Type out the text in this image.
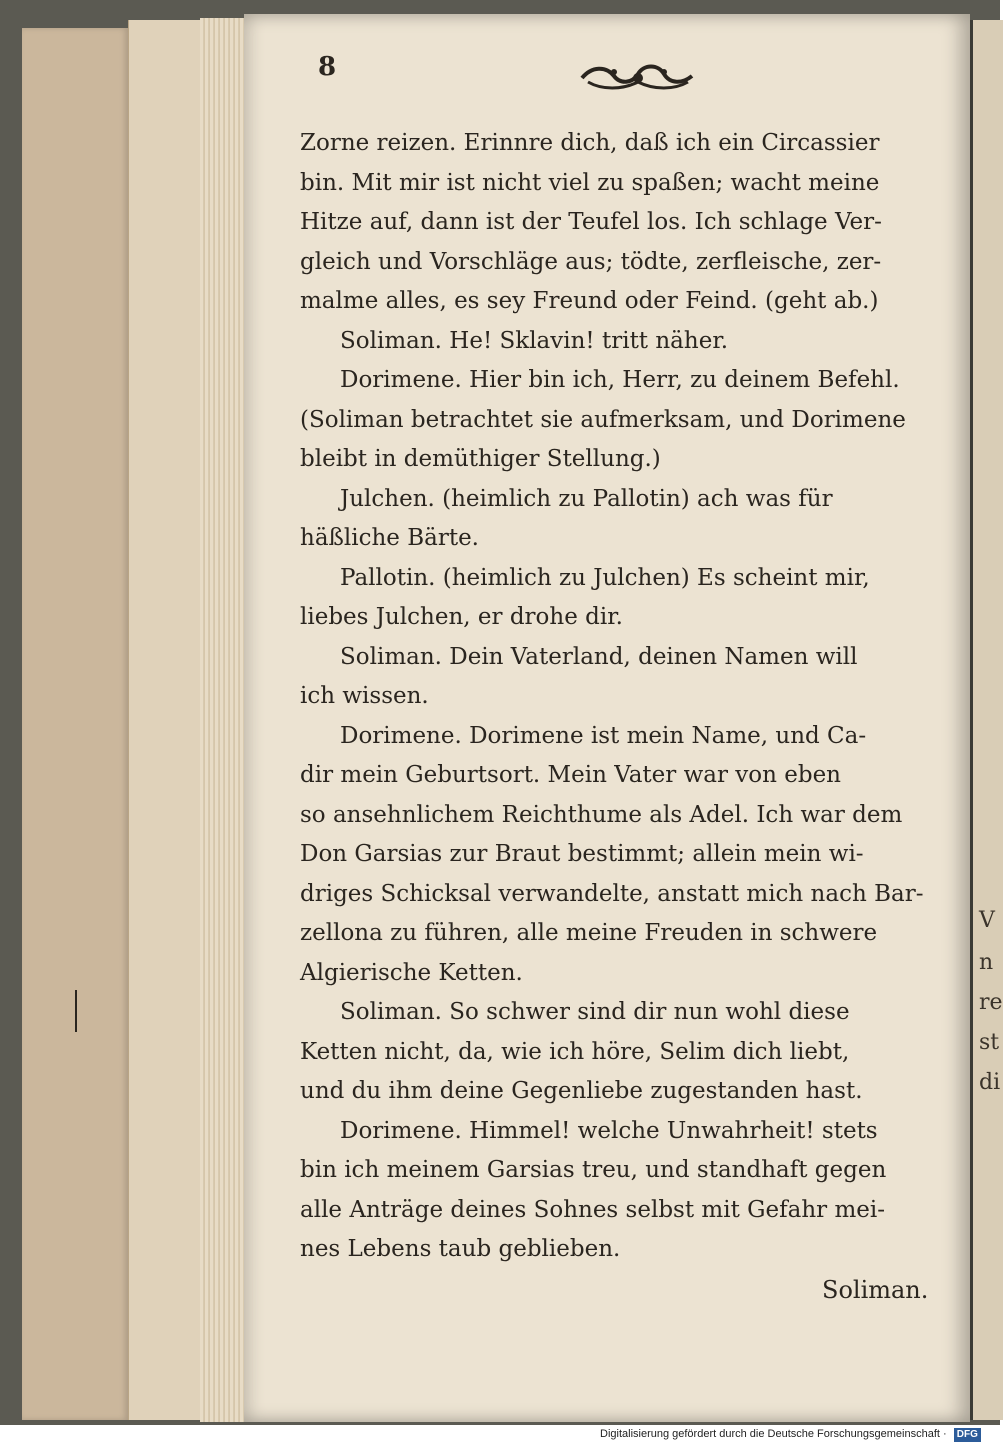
V
n
re
st
di
8

Zorne reizen. Erinnre dich, daß ich ein Circassier

bin. Mit mir ist nicht viel zu spaßen; wacht meine

Hitze auf, dann ist der Teufel los. Ich schlage Ver-

gleich und Vorschläge aus; tödte, zerfleische, zer-

malme alles, es sey Freund oder Feind. (geht ab.)

Soliman. He! Sklavin! tritt näher.

Dorimene. Hier bin ich, Herr, zu deinem Befehl.

(Soliman betrachtet sie aufmerksam, und Dorimene

bleibt in demüthiger Stellung.)

Julchen. (heimlich zu Pallotin) ach was für

häßliche Bärte.

Pallotin. (heimlich zu Julchen) Es scheint mir,

liebes Julchen, er drohe dir.

Soliman. Dein Vaterland, deinen Namen will

ich wissen.

Dorimene. Dorimene ist mein Name, und Ca-

dir mein Geburtsort. Mein Vater war von eben

so ansehnlichem Reichthume als Adel. Ich war dem

Don Garsias zur Braut bestimmt; allein mein wi-

driges Schicksal verwandelte, anstatt mich nach Bar-

zellona zu führen, alle meine Freuden in schwere

Algierische Ketten.

Soliman. So schwer sind dir nun wohl diese

Ketten nicht, da, wie ich höre, Selim dich liebt,

und du ihm deine Gegenliebe zugestanden hast.

Dorimene. Himmel! welche Unwahrheit! stets

bin ich meinem Garsias treu, und standhaft gegen

alle Anträge deines Sohnes selbst mit Gefahr mei-

nes Lebens taub geblieben.

Soliman.
Digitalisierung gefördert durch die Deutsche Forschungsgemeinschaft · DFG
